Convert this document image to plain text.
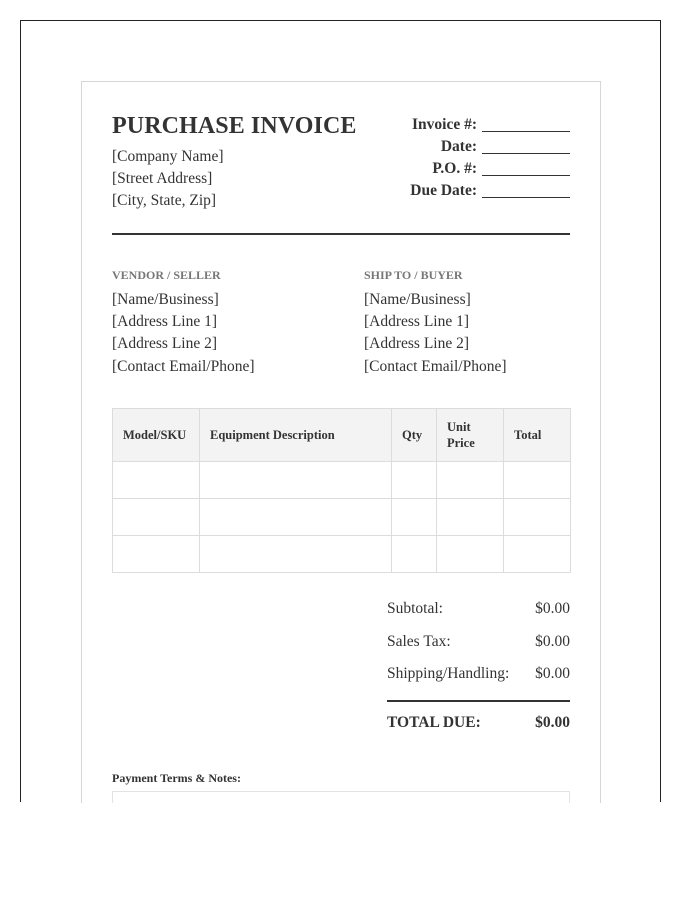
PURCHASE INVOICE
[Company Name]
[Street Address]
[City, State, Zip]
Invoice #:
Date:
P.O. #:
Due Date:
VENDOR / SELLER
[Name/Business]
[Address Line 1]
[Address Line 2]
[Contact Email/Phone]
SHIP TO / BUYER
[Name/Business]
[Address Line 1]
[Address Line 2]
[Contact Email/Phone]
Model/SKU	Equipment Description	Qty	Unit Price	Total

Subtotal:	$0.00
Sales Tax:	$0.00
Shipping/Handling: $0.00
TOTAL DUE:	$0.00
Payment Terms & Notes:
